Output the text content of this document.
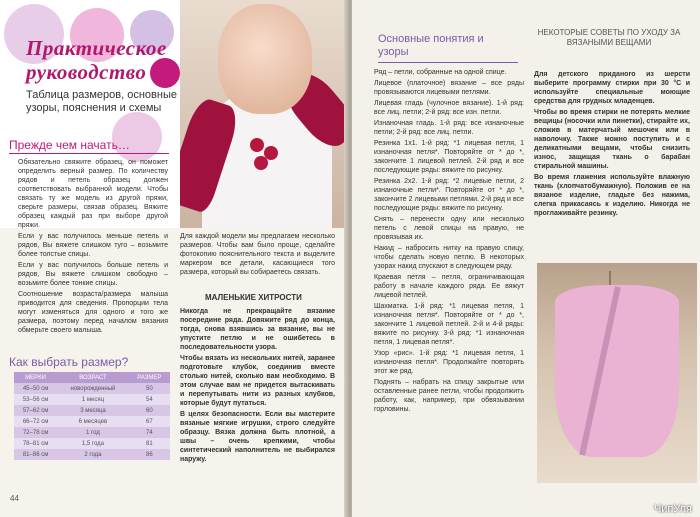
Практическое руководство

Таблица размеров, основные узоры, пояснения и схемы

Прежде чем начать…

Обязательно свяжите образец, он поможет определить верный размер. По количеству рядов и петель образец должен соответствовать выбранной модели. Чтобы связать ту же модель из другой пряжи, сверьте размеры, связав образец. Вяжите образец каждый раз при выборе другой пряжи.

Если у вас получилось меньше петель и рядов, Вы вяжете слишком туго – возьмите более толстые спицы.

Если у вас получилось больше петель и рядов, Вы вяжете слишком свободно – возьмите более тонкие спицы.

Соотношение возраста/размера малыша приводится для сведения. Пропорции тела могут изменяться для одного и того же размера, поэтому перед началом вязания обмерьте своего малыша.

Для каждой модели мы предлагаем несколько размеров. Чтобы вам было проще, сделайте фотокопию пояснительного текста и выделите маркером все детали, касающиеся того размера, который вы собираетесь связать.

МАЛЕНЬКИЕ ХИТРОСТИ

Никогда не прекращайте вязание посередине ряда. Довяжите ряд до конца, тогда, снова взявшись за вязание, вы не упустите петлю и не ошибетесь в последовательности узора.

Чтобы вязать из нескольких нитей, заранее подготовьте клубок, соединив вместе столько нитей, сколько вам необходимо. В этом случае вам не придется вытаскивать и перепутывать нити из разных клубков, которые будут путаться.

В целях безопасности. Если вы мастерите вязаные мягкие игрушки, строго следуйте образцу. Вязка должна быть плотной, а швы – очень крепкими, чтобы синтетический наполнитель не выбирался наружу.

Как выбрать размер?
МЕРКИ	ВОЗРАСТ	РАЗМЕР
45–50 см	новорожденный	50
53–56 см	1 месяц	54
57–62 см	3 месяца	60
66–72 см	6 месяцев	67
72–78 см	1 год	74
78–81 см	1,5 года	81
81–86 см	2 года	86
44
Основные понятия и узоры

Ряд – петли, собранные на одной спице.

Лицевое (платочное) вязание – все ряды провязываются лицевыми петлями.

Лицевая гладь (чулочное вязание). 1-й ряд: все лиц. петли; 2-й ряд: все изн. петли.

Изнаночная гладь. 1-й ряд: все изнаночные петли; 2-й ряд: все лиц. петли.

Резинка 1х1. 1-й ряд: *1 лицевая петля, 1 изнаночная петля*. Повторяйте от * до *, закончите 1 лицевой петлей. 2-й ряд и все последующие ряды: вяжите по рисунку.

Резинка 2х2. 1-й ряд: *2 лицевые петли, 2 изнаночные петли*. Повторяйте от * до *, закончите 2 лицевыми петлями. 2-й ряд и все последующие ряды: вяжите по рисунку.

Снять – перенести одну или несколько петель с левой спицы на правую, не провязывая их.

Накид – набросить нитку на правую спицу, чтобы сделать новую петлю. В некоторых узорах накид спускают в следующем ряду.

Краевая петля – петля, ограничивающая работу в начале каждого ряда. Ее вяжут лицевой петлей.

Шахматка. 1-й ряд: *1 лицевая петля, 1 изнаночная петля*. Повторяйте от * до *, закончите 1 лицевой петлей. 2-й и 4-й ряды: вяжите по рисунку. 3-й ряд: *1 изнаночная петля, 1 лицевая петля*.

Узор «рис». 1-й ряд: *1 лицевая петля, 1 изнаночная петля*. Продолжайте повторять этот же ряд.

Поднять – набрать на спицу закрытые или оставленные ранее петли, чтобы продолжить работу, как, например, при обвязывании горловины.

НЕКОТОРЫЕ СОВЕТЫ ПО УХОДУ ЗА ВЯЗАНЫМИ ВЕЩАМИ

Для детского приданого из шерсти выберите программу стирки при 30 °С и используйте специальные моющие средства для грудных младенцев.

Чтобы во время стирки не потерять мелкие вещицы (носочки или пинетки), стирайте их, сложив в матерчатый мешочек или в наволочку. Также можно поступить и с деликатными вещами, чтобы снизить износ, защищая ткань о барабан стиральной машины.

Во время глажения используйте влажную ткань (хлопчатобумажную). Положив ее на вязаное изделие, гладьте без нажима, слегка прикасаясь к изделию. Никогда не проглаживайте резинку.

ЧипУля
